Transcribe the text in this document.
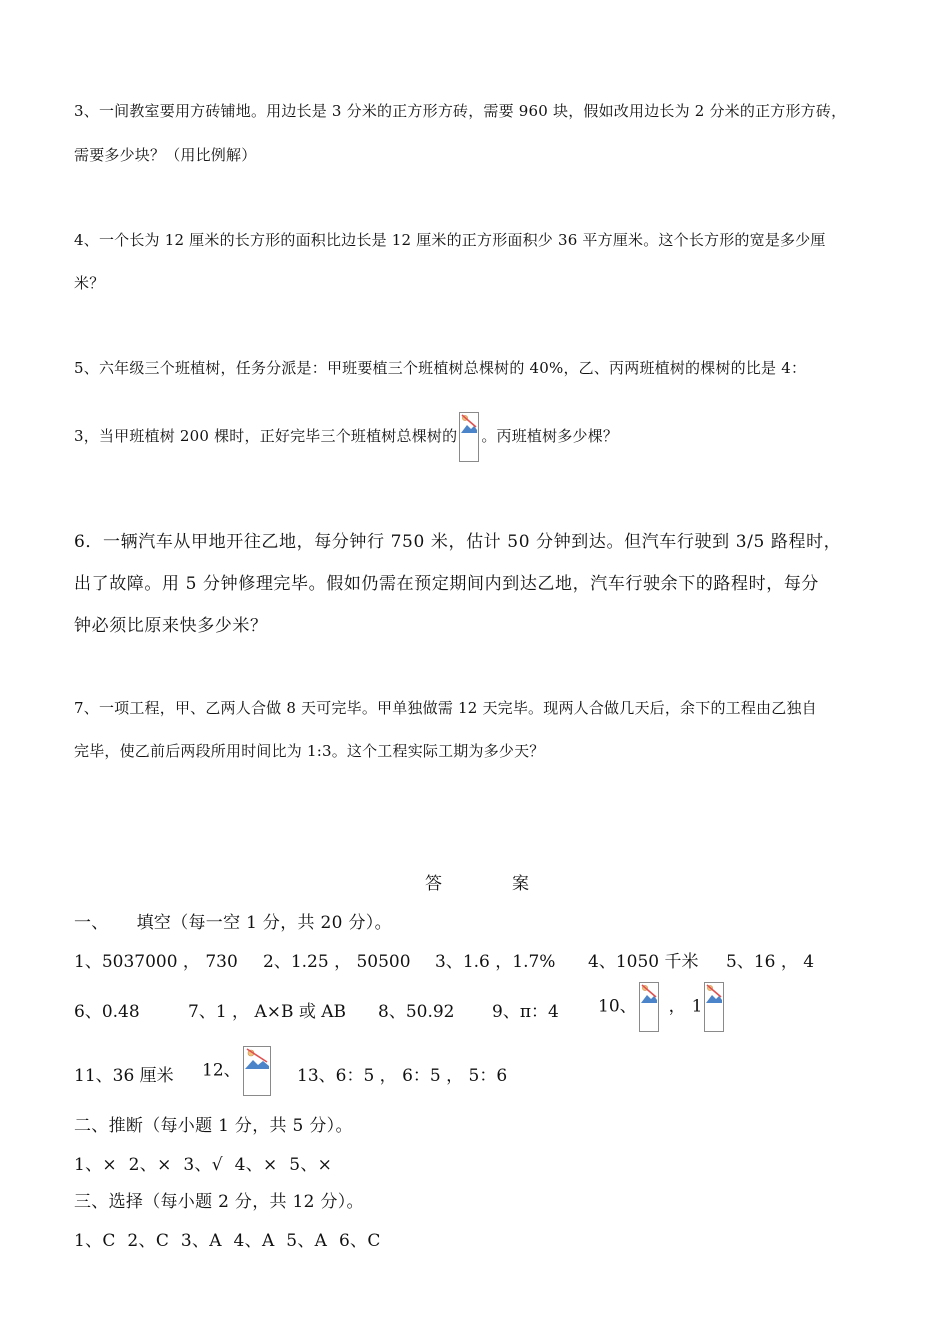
3、一间教室要用方砖铺地。用边长是 3 分米的正方形方砖，需要 960 块，假如改用边长为 2 分米的正方形方砖，
需要多少块？（用比例解）
4、一个长为 12 厘米的长方形的面积比边长是 12 厘米的正方形面积少 36 平方厘米。这个长方形的宽是多少厘
米？
5、六年级三个班植树，任务分派是：甲班要植三个班植树总棵树的 40%，乙、丙两班植树的棵树的比是 4：
3，当甲班植树 200 棵时，正好完毕三个班植树总棵树的 。丙班植树多少棵？
6．一辆汽车从甲地开往乙地，每分钟行 750 米，估计 50 分钟到达。但汽车行驶到 3/5 路程时，
出了故障。用 5 分钟修理完毕。假如仍需在预定期间内到达乙地，汽车行驶余下的路程时，每分
钟必须比原来快多少米？
7、一项工程，甲、乙两人合做 8 天可完毕。甲单独做需 12 天完毕。现两人合做几天后，余下的工程由乙独自
完毕，使乙前后两段所用时间比为 1:3。这个工程实际工期为多少天？
答	案
一、 填空（每一空 1 分，共 20 分）。
1、5037000 ， 730 2、1.25 ， 50500 3、1.6 ，1.7% 4、1050 千米 5、16 ， 4
6、0.48	7、1 ， A×B 或 AB 8、50.92 9、π：4 10、 ， 1
11、36 厘米 12、	13、6：5 ， 6：5 ， 5：6
二、推断（每小题 1 分，共 5 分）。
1、× 2、× 3、√ 4、× 5、×
三、选择（每小题 2 分，共 12 分）。
1、C 2、C 3、A 4、A 5、A 6、C
